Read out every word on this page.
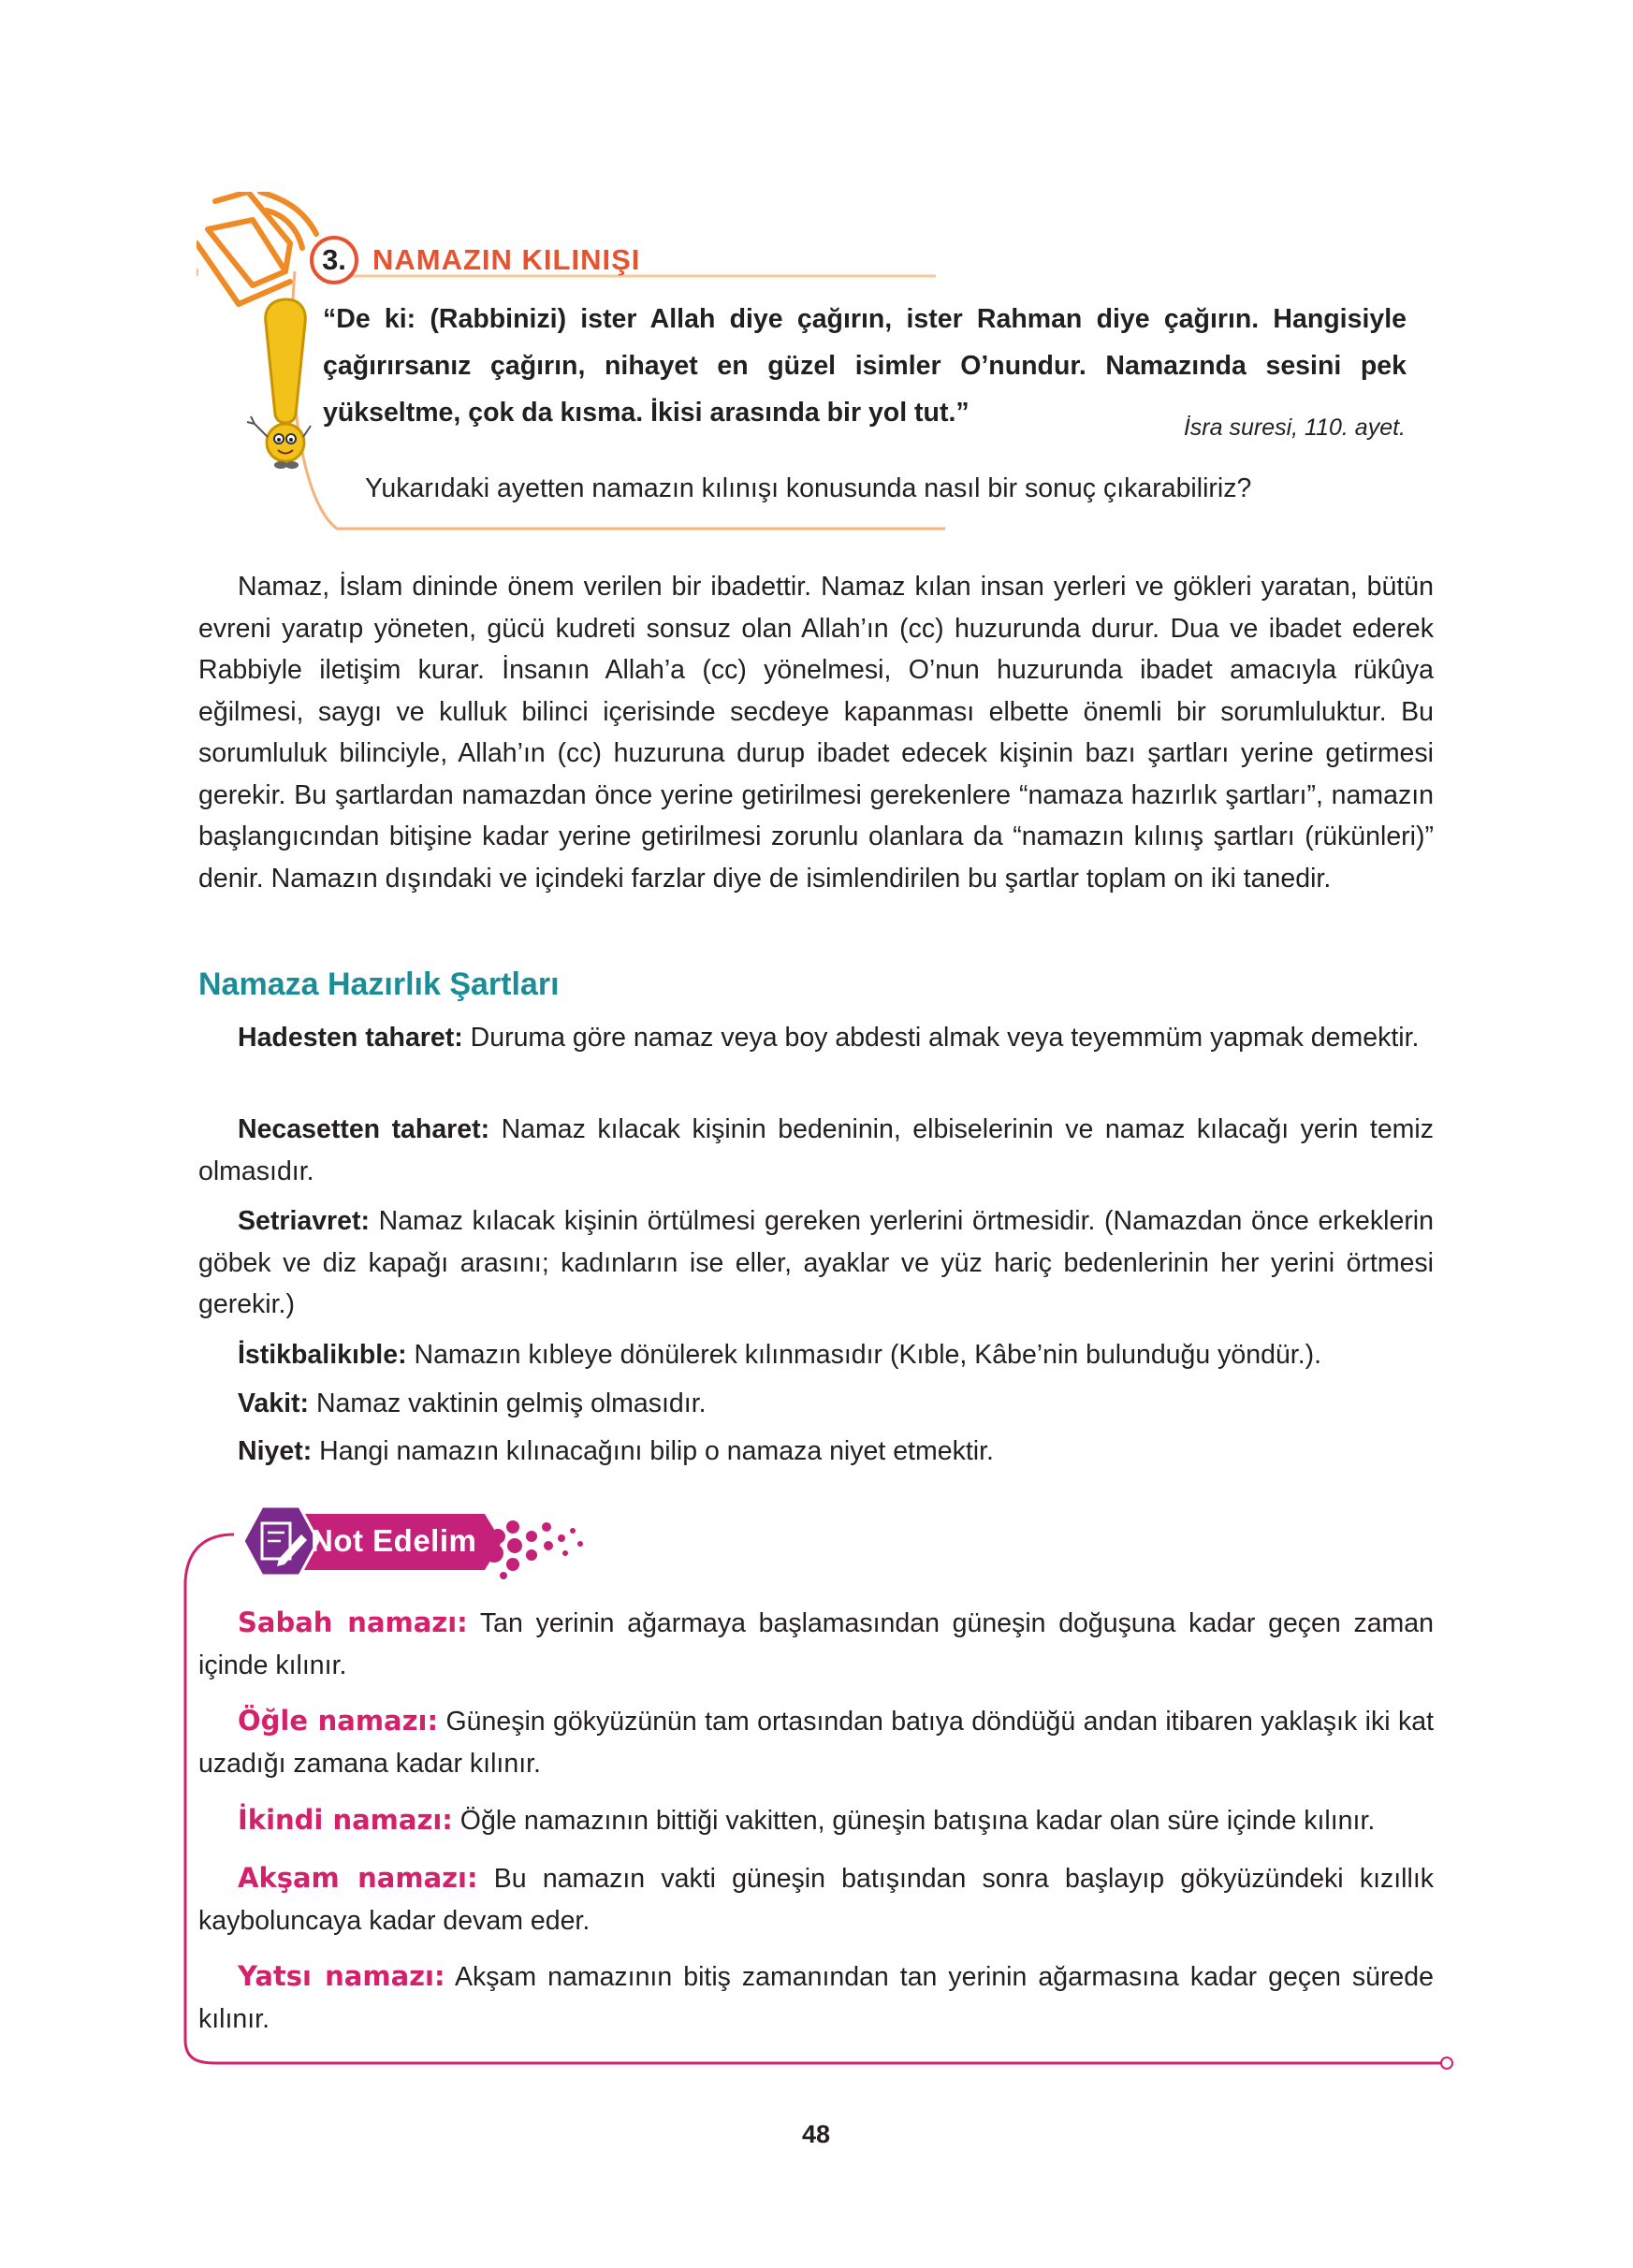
3. NAMAZIN KILINIŞI
“De ki: (Rabbinizi) ister Allah diye çağırın, ister Rahman diye çağırın. Hangisiyle çağırırsanız çağırın, nihayet en güzel isimler O’nundur. Namazında sesini pek yükseltme, çok da kısma. İkisi arasında bir yol tut.”	İsra suresi, 110. ayet.
Yukarıdaki ayetten namazın kılınışı konusunda nasıl bir sonuç çıkarabiliriz?
Namaz, İslam dininde önem verilen bir ibadettir. Namaz kılan insan yerleri ve gökleri yaratan, bütün evreni yaratıp yöneten, gücü kudreti sonsuz olan Allah’ın (cc) huzurunda durur. Dua ve ibadet ederek Rabbiyle iletişim kurar. İnsanın Allah’a (cc) yönelmesi, O’nun huzurunda ibadet amacıyla rükûya eğilmesi, saygı ve kulluk bilinci içerisinde secdeye kapanması elbette önemli bir sorumluluktur. Bu sorumluluk bilinciyle, Allah’ın (cc) huzuruna durup ibadet edecek kişinin bazı şartları yerine getirmesi gerekir. Bu şartlardan namazdan önce yerine getirilmesi gerekenlere “namaza hazırlık şartları”, namazın başlangıcından bitişine kadar yerine getirilmesi zorunlu olanlara da “namazın kılınış şartları (rükünleri)” denir. Namazın dışındaki ve içindeki farzlar diye de isimlendirilen bu şartlar toplam on iki tanedir.
Namaza Hazırlık Şartları
Hadesten taharet: Duruma göre namaz veya boy abdesti almak veya teyemmüm yapmak demektir.
Necasetten taharet: Namaz kılacak kişinin bedeninin, elbiselerinin ve namaz kılacağı yerin temiz olmasıdır.
Setriavret: Namaz kılacak kişinin örtülmesi gereken yerlerini örtmesidir. (Namazdan önce erkeklerin göbek ve diz kapağı arasını; kadınların ise eller, ayaklar ve yüz hariç bedenlerinin her yerini örtmesi gerekir.)
İstikbalikıble: Namazın kıbleye dönülerek kılınmasıdır (Kıble, Kâbe’nin bulunduğu yöndür.).
Vakit: Namaz vaktinin gelmiş olmasıdır.
Niyet: Hangi namazın kılınacağını bilip o namaza niyet etmektir.
Not Edelim
Sabah namazı: Tan yerinin ağarmaya başlamasından güneşin doğuşuna kadar geçen zaman içinde kılınır.
Öğle namazı: Güneşin gökyüzünün tam ortasından batıya döndüğü andan itibaren yaklaşık iki kat uzadığı zamana kadar kılınır.
İkindi namazı: Öğle namazının bittiği vakitten, güneşin batışına kadar olan süre içinde kılınır.
Akşam namazı: Bu namazın vakti güneşin batışından sonra başlayıp gökyüzündeki kızıllık kayboluncaya kadar devam eder.
Yatsı namazı: Akşam namazının bitiş zamanından tan yerinin ağarmasına kadar geçen sürede kılınır.
48
